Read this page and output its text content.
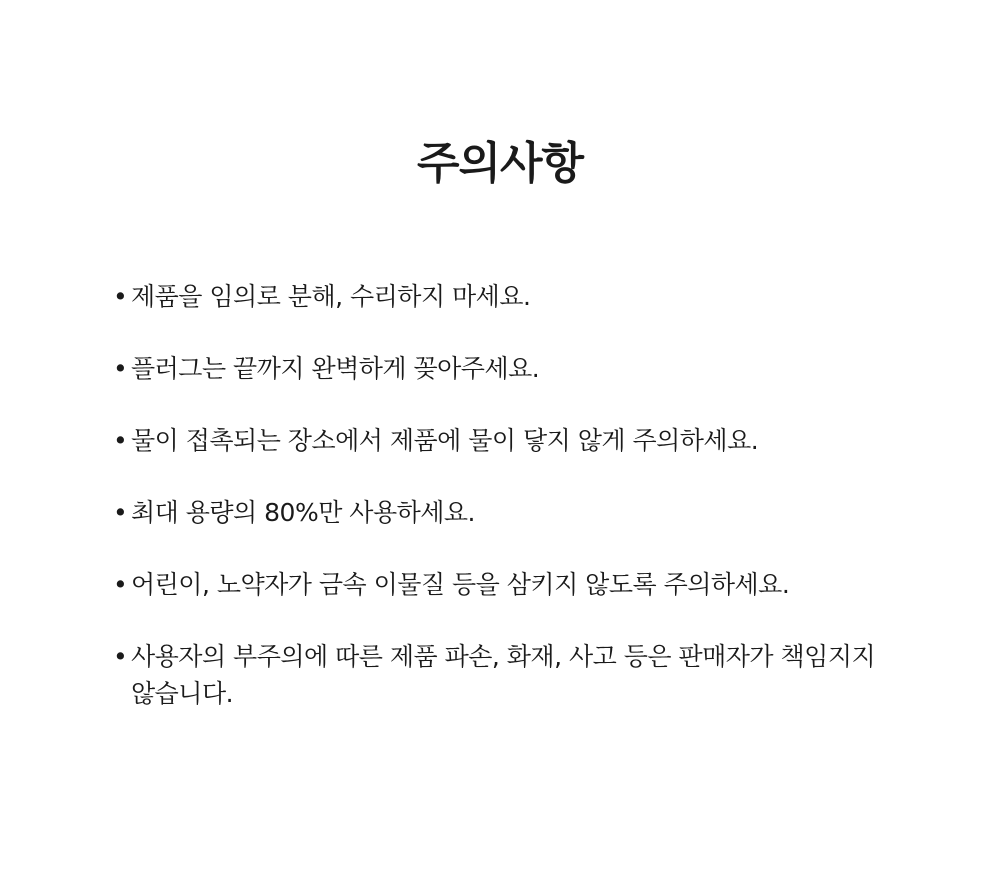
주의사항
• 제품을 임의로 분해, 수리하지 마세요.
• 플러그는 끝까지 완벽하게 꽂아주세요.
• 물이 접촉되는 장소에서 제품에 물이 닿지 않게 주의하세요.
• 최대 용량의 80%만 사용하세요.
• 어린이, 노약자가 금속 이물질 등을 삼키지 않도록 주의하세요.
• 사용자의 부주의에 따른 제품 파손, 화재, 사고 등은 판매자가 책임지지 않습니다.
